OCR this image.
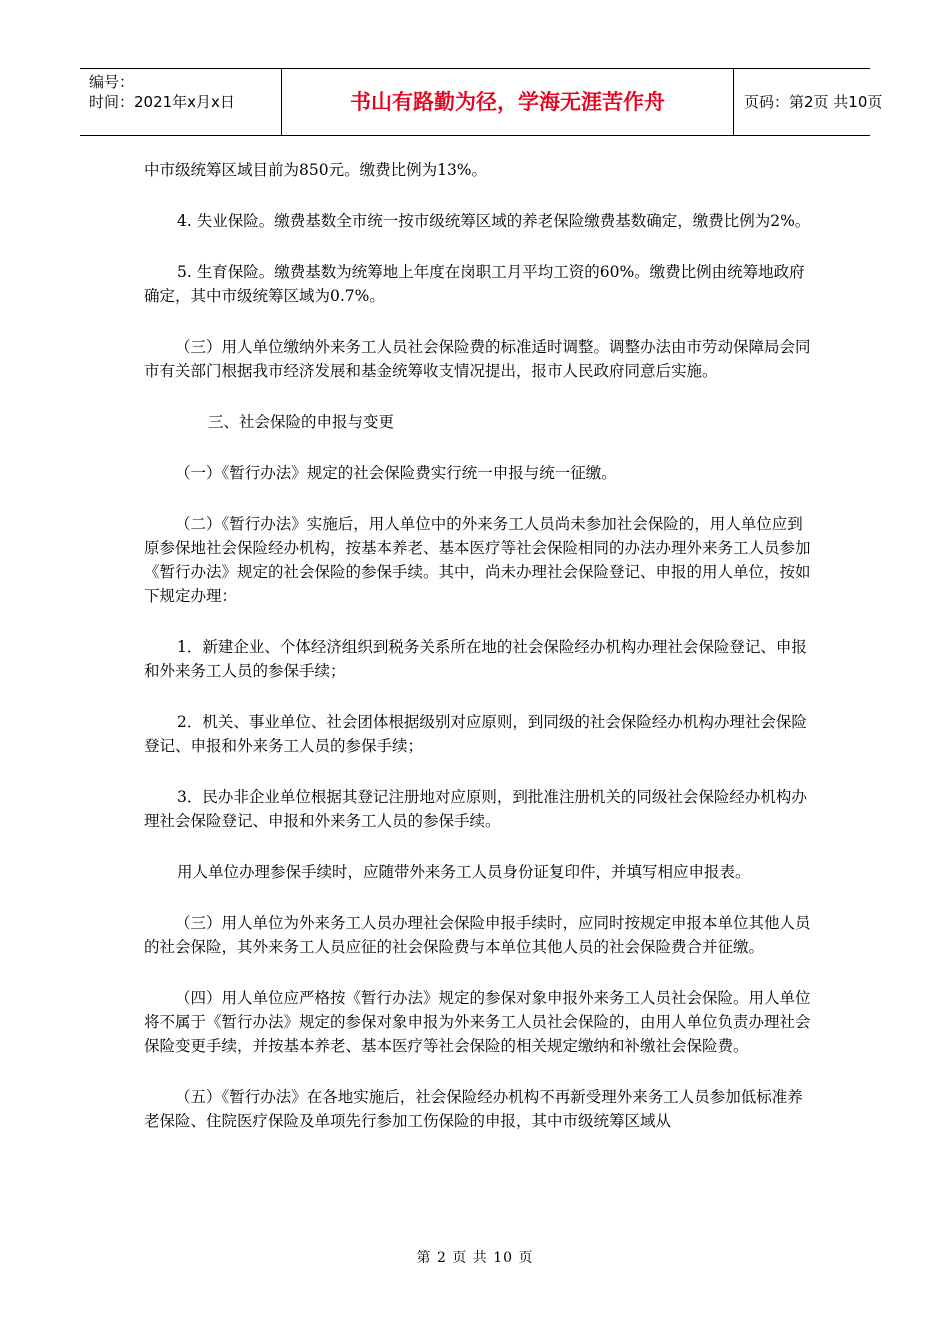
编号：
时间：2021年x月x日	书山有路勤为径，学海无涯苦作舟	页码：第2页 共10页

中市级统筹区域目前为850元。缴费比例为13%。

4. 失业保险。缴费基数全市统一按市级统筹区域的养老保险缴费基数确定，缴费比例为2%。

5. 生育保险。缴费基数为统筹地上年度在岗职工月平均工资的60%。缴费比例由统筹地政府确定，其中市级统筹区域为0.7%。

（三）用人单位缴纳外来务工人员社会保险费的标准适时调整。调整办法由市劳动保障局会同市有关部门根据我市经济发展和基金统筹收支情况提出，报市人民政府同意后实施。

三、社会保险的申报与变更

（一）《暂行办法》规定的社会保险费实行统一申报与统一征缴。

（二）《暂行办法》实施后，用人单位中的外来务工人员尚未参加社会保险的，用人单位应到原参保地社会保险经办机构，按基本养老、基本医疗等社会保险相同的办法办理外来务工人员参加《暂行办法》规定的社会保险的参保手续。其中，尚未办理社会保险登记、申报的用人单位，按如下规定办理：

1．新建企业、个体经济组织到税务关系所在地的社会保险经办机构办理社会保险登记、申报和外来务工人员的参保手续；

2．机关、事业单位、社会团体根据级别对应原则，到同级的社会保险经办机构办理社会保险登记、申报和外来务工人员的参保手续；

3．民办非企业单位根据其登记注册地对应原则，到批准注册机关的同级社会保险经办机构办理社会保险登记、申报和外来务工人员的参保手续。

用人单位办理参保手续时，应随带外来务工人员身份证复印件，并填写相应申报表。

（三）用人单位为外来务工人员办理社会保险申报手续时，应同时按规定申报本单位其他人员的社会保险，其外来务工人员应征的社会保险费与本单位其他人员的社会保险费合并征缴。

（四）用人单位应严格按《暂行办法》规定的参保对象申报外来务工人员社会保险。用人单位将不属于《暂行办法》规定的参保对象申报为外来务工人员社会保险的，由用人单位负责办理社会保险变更手续，并按基本养老、基本医疗等社会保险的相关规定缴纳和补缴社会保险费。

（五）《暂行办法》在各地实施后，社会保险经办机构不再新受理外来务工人员参加低标准养老保险、住院医疗保险及单项先行参加工伤保险的申报，其中市级统筹区域从

第 2 页 共 10 页
